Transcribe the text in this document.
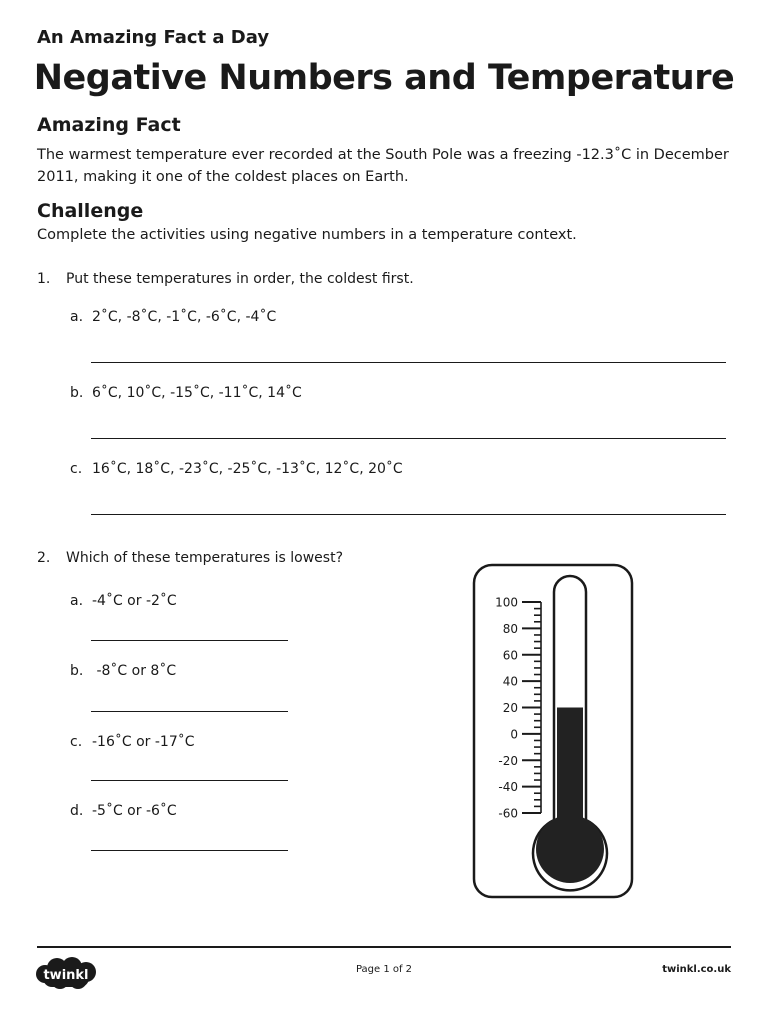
An Amazing Fact a Day
Negative Numbers and Temperature
Amazing Fact
The warmest temperature ever recorded at the South Pole was a freezing -12.3˚C in December 2011, making it one of the coldest places on Earth.
Challenge
Complete the activities using negative numbers in a temperature context.
1. Put these temperatures in order, the coldest first.
a. 2˚C, -8˚C, -1˚C, -6˚C, -4˚C
b. 6˚C, 10˚C, -15˚C, -11˚C, 14˚C
c. 16˚C, 18˚C, -23˚C, -25˚C, -13˚C, 12˚C, 20˚C
2. Which of these temperatures is lowest?
a. -4˚C or -2˚C
b. -8˚C or 8˚C
c. -16˚C or -17˚C
d. -5˚C or -6˚C
100
80
60
40
20
0
-20
-40
-60
twinkl	Page 1 of 2	twinkl.co.uk
